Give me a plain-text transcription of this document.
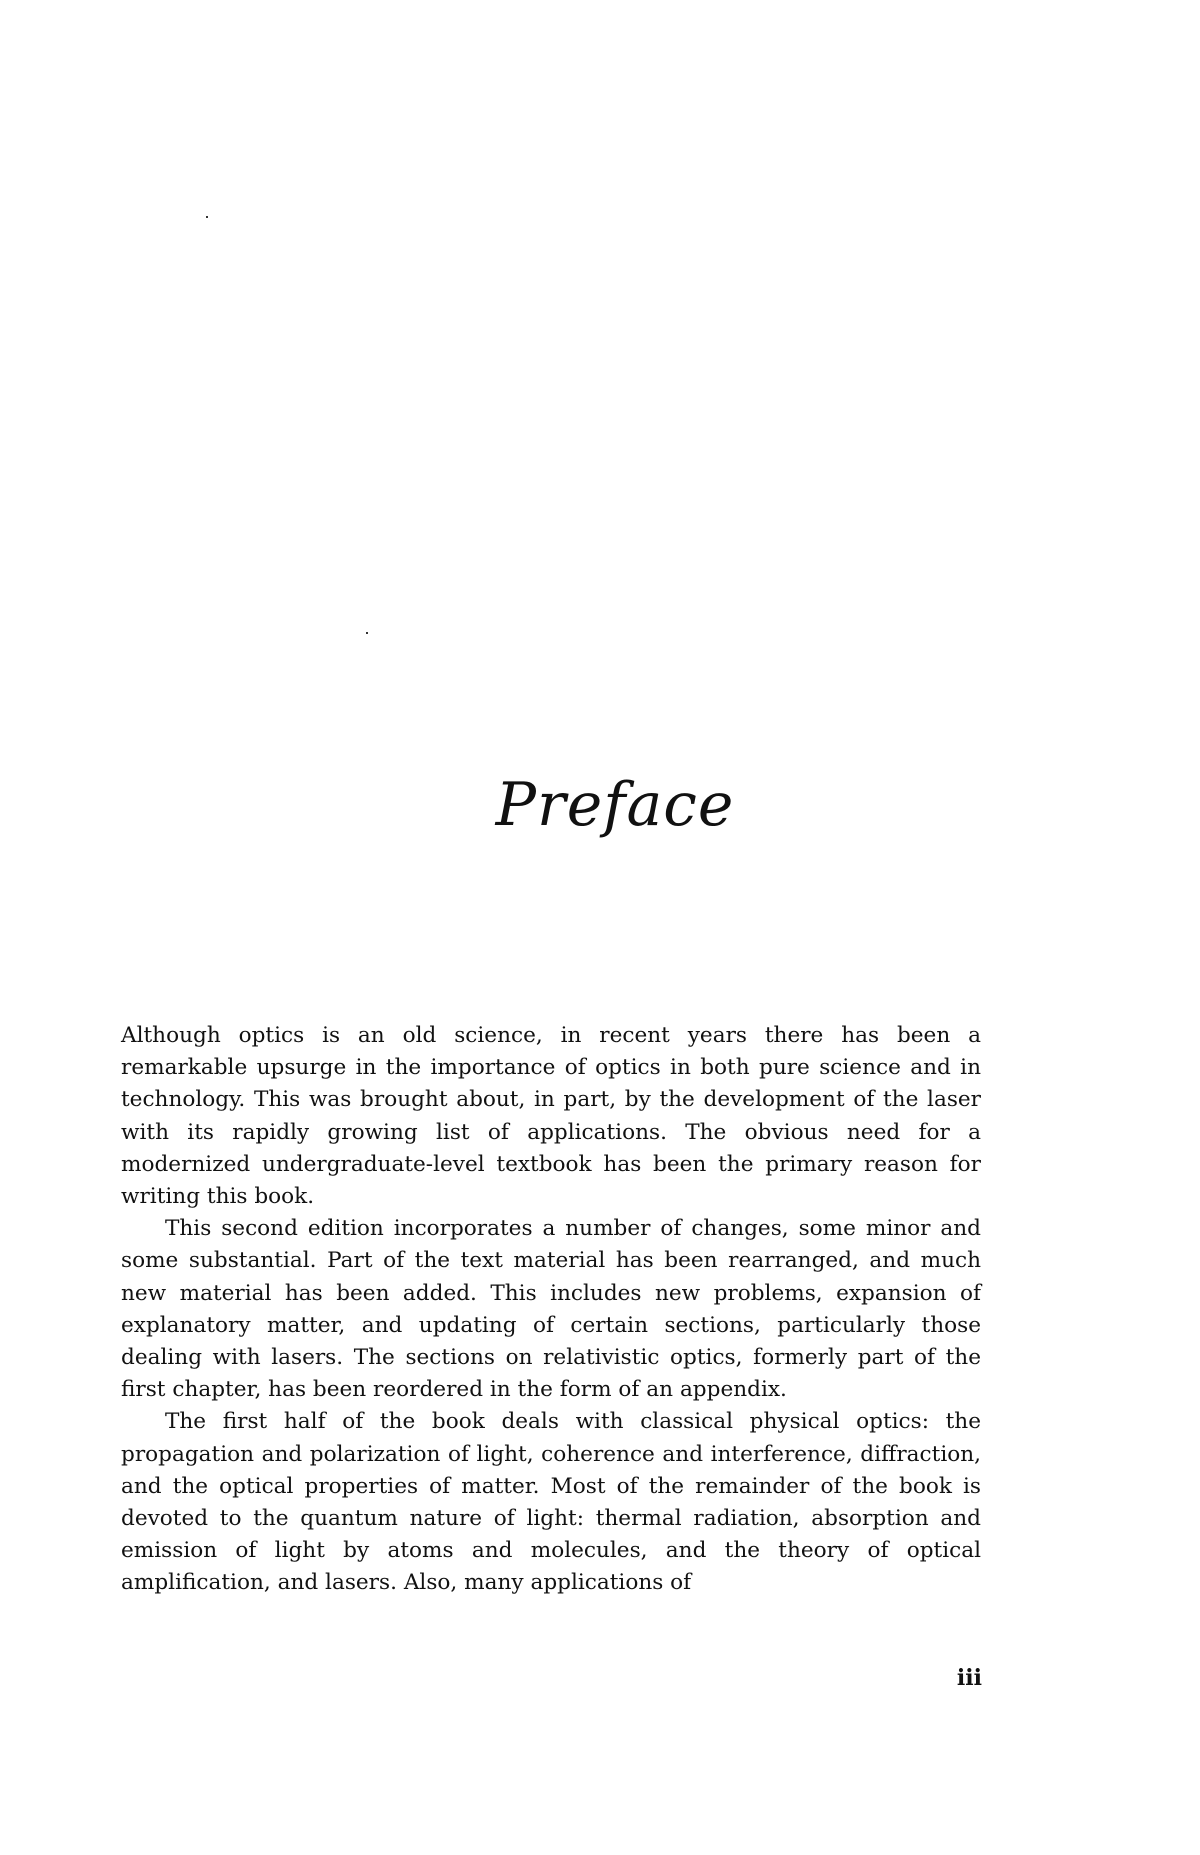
Preface

Although optics is an old science, in recent years there has been a remarkable upsurge in the importance of optics in both pure science and in technology. This was brought about, in part, by the development of the laser with its rapidly growing list of applications. The obvious need for a modernized undergraduate-level textbook has been the primary reason for writing this book.

This second edition incorporates a number of changes, some minor and some substantial. Part of the text material has been rearranged, and much new material has been added. This includes new problems, expansion of explanatory matter, and updating of certain sections, particularly those dealing with lasers. The sections on relativistic optics, formerly part of the first chapter, has been reordered in the form of an appendix.

The first half of the book deals with classical physical optics: the propagation and polarization of light, coherence and interference, diffraction, and the optical properties of matter. Most of the remainder of the book is devoted to the quantum nature of light: thermal radiation, absorption and emission of light by atoms and molecules, and the theory of optical amplification, and lasers. Also, many applications of

iii
